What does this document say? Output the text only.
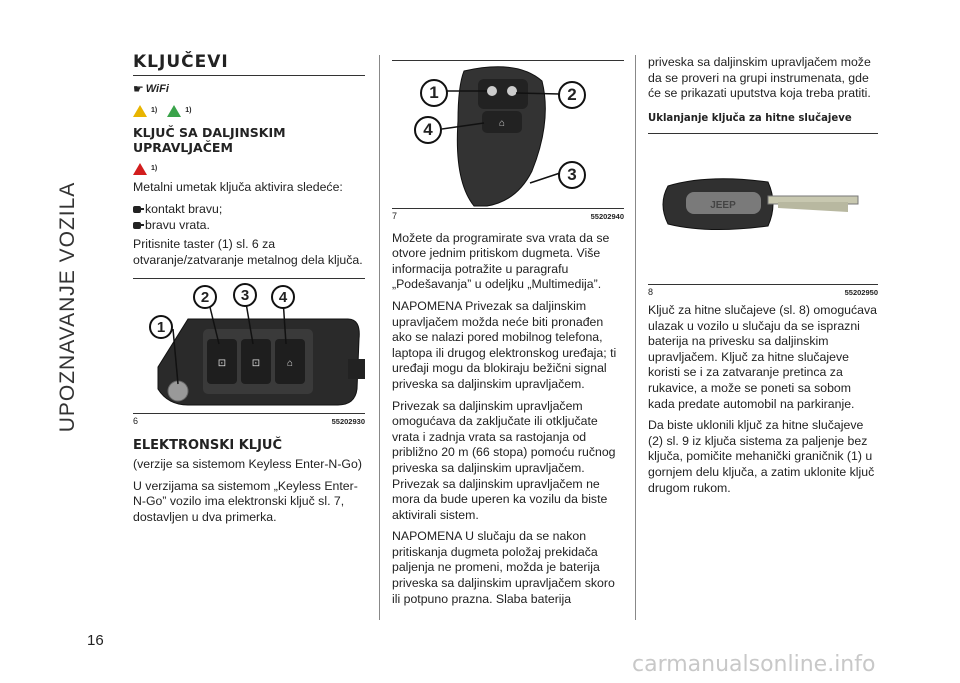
UPOZNAVANJE VOZILA
16
carmanualsonline.info
KLJUČEVI
☛ WiFi
1)	1)
KLJUČ SA DALJINSKIM UPRAVLJAČEM
1)

Metalni umetak ključa aktivira sledeće:

kontakt bravu;
bravu vrata.

Pritisnite taster (1) sl. 6 za otvaranje/zatvaranje metalnog dela ključa.

⊡	⊡	⌂
1
2	3	4
6	55202930
ELEKTRONSKI KLJUČ

(verzije sa sistemom Keyless Enter-N-Go)

U verzijama sa sistemom „Keyless Enter-N-Go” vozilo ima elektronski ključ sl. 7, dostavljen u dva primerka.

⌂
1	2
4
3
7	55202940

Možete da programirate sva vrata da se otvore jednim pritiskom dugmeta. Više informacija potražite u paragrafu „Podešavanja” u odeljku „Multimedija”.

NAPOMENA Privezak sa daljinskim upravljačem možda neće biti pronađen ako se nalazi pored mobilnog telefona, laptopa ili drugog elektronskog uređaja; ti uređaji mogu da blokiraju bežični signal priveska sa daljinskim upravljačem.

Privezak sa daljinskim upravljačem omogućava da zaključate ili otključate vrata i zadnja vrata sa rastojanja od približno 20 m (66 stopa) pomoću ručnog priveska sa daljinskim upravljačem. Privezak sa daljinskim upravljačem ne mora da bude uperen ka vozilu da biste aktivirali sistem.

NAPOMENA U slučaju da se nakon pritiskanja dugmeta položaj prekidača paljenja ne promeni, možda je baterija priveska sa daljinskim upravljačem skoro ili potpuno prazna. Slaba baterija

priveska sa daljinskim upravljačem može da se proveri na grupi instrumenata, gde će se prikazati uputstva koja treba pratiti.

Uklanjanje ključa za hitne slučajeve
JEEP
8	55202950

Ključ za hitne slučajeve (sl. 8) omogućava ulazak u vozilo u slučaju da se isprazni baterija na privesku sa daljinskim upravljačem. Ključ za hitne slučajeve koristi se i za zatvaranje pretinca za rukavice, a može se poneti sa sobom kada predate automobil na parkiranje.

Da biste uklonili ključ za hitne slučajeve (2) sl. 9 iz ključa sistema za paljenje bez ključa, pomičite mehanički graničnik (1) u gornjem delu ključa, a zatim uklonite ključ drugom rukom.
